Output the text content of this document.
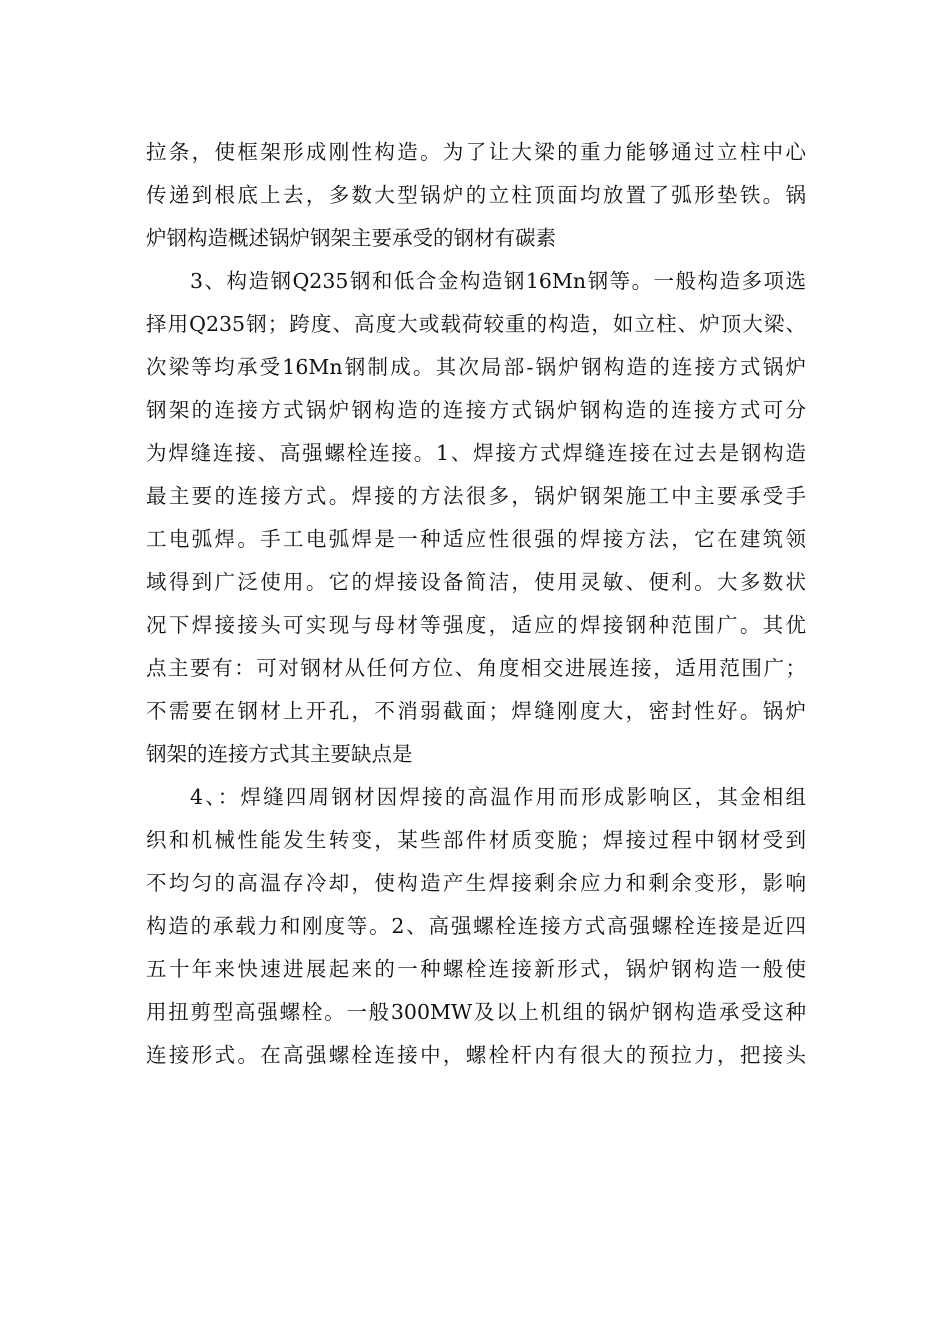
拉条，使框架形成刚性构造。为了让大梁的重力能够通过立柱中心
传递到根底上去，多数大型锅炉的立柱顶面均放置了弧形垫铁。锅
炉钢构造概述锅炉钢架主要承受的钢材有碳素
3、构造钢Q235钢和低合金构造钢16Mn钢等。一般构造多项选
择用Q235钢；跨度、高度大或载荷较重的构造，如立柱、炉顶大梁、
次梁等均承受16Mn钢制成。其次局部-锅炉钢构造的连接方式锅炉
钢架的连接方式锅炉钢构造的连接方式锅炉钢构造的连接方式可分
为焊缝连接、高强螺栓连接。1、焊接方式焊缝连接在过去是钢构造
最主要的连接方式。焊接的方法很多，锅炉钢架施工中主要承受手
工电弧焊。手工电弧焊是一种适应性很强的焊接方法，它在建筑领
域得到广泛使用。它的焊接设备简洁，使用灵敏、便利。大多数状
况下焊接接头可实现与母材等强度，适应的焊接钢种范围广。其优
点主要有：可对钢材从任何方位、角度相交进展连接，适用范围广；
不需要在钢材上开孔，不消弱截面；焊缝刚度大，密封性好。锅炉
钢架的连接方式其主要缺点是
4、：焊缝四周钢材因焊接的高温作用而形成影响区，其金相组
织和机械性能发生转变，某些部件材质变脆；焊接过程中钢材受到
不均匀的高温存冷却，使构造产生焊接剩余应力和剩余变形，影响
构造的承载力和刚度等。2、高强螺栓连接方式高强螺栓连接是近四
五十年来快速进展起来的一种螺栓连接新形式，锅炉钢构造一般使
用扭剪型高强螺栓。一般300MW及以上机组的锅炉钢构造承受这种
连接形式。在高强螺栓连接中，螺栓杆内有很大的预拉力，把接头
